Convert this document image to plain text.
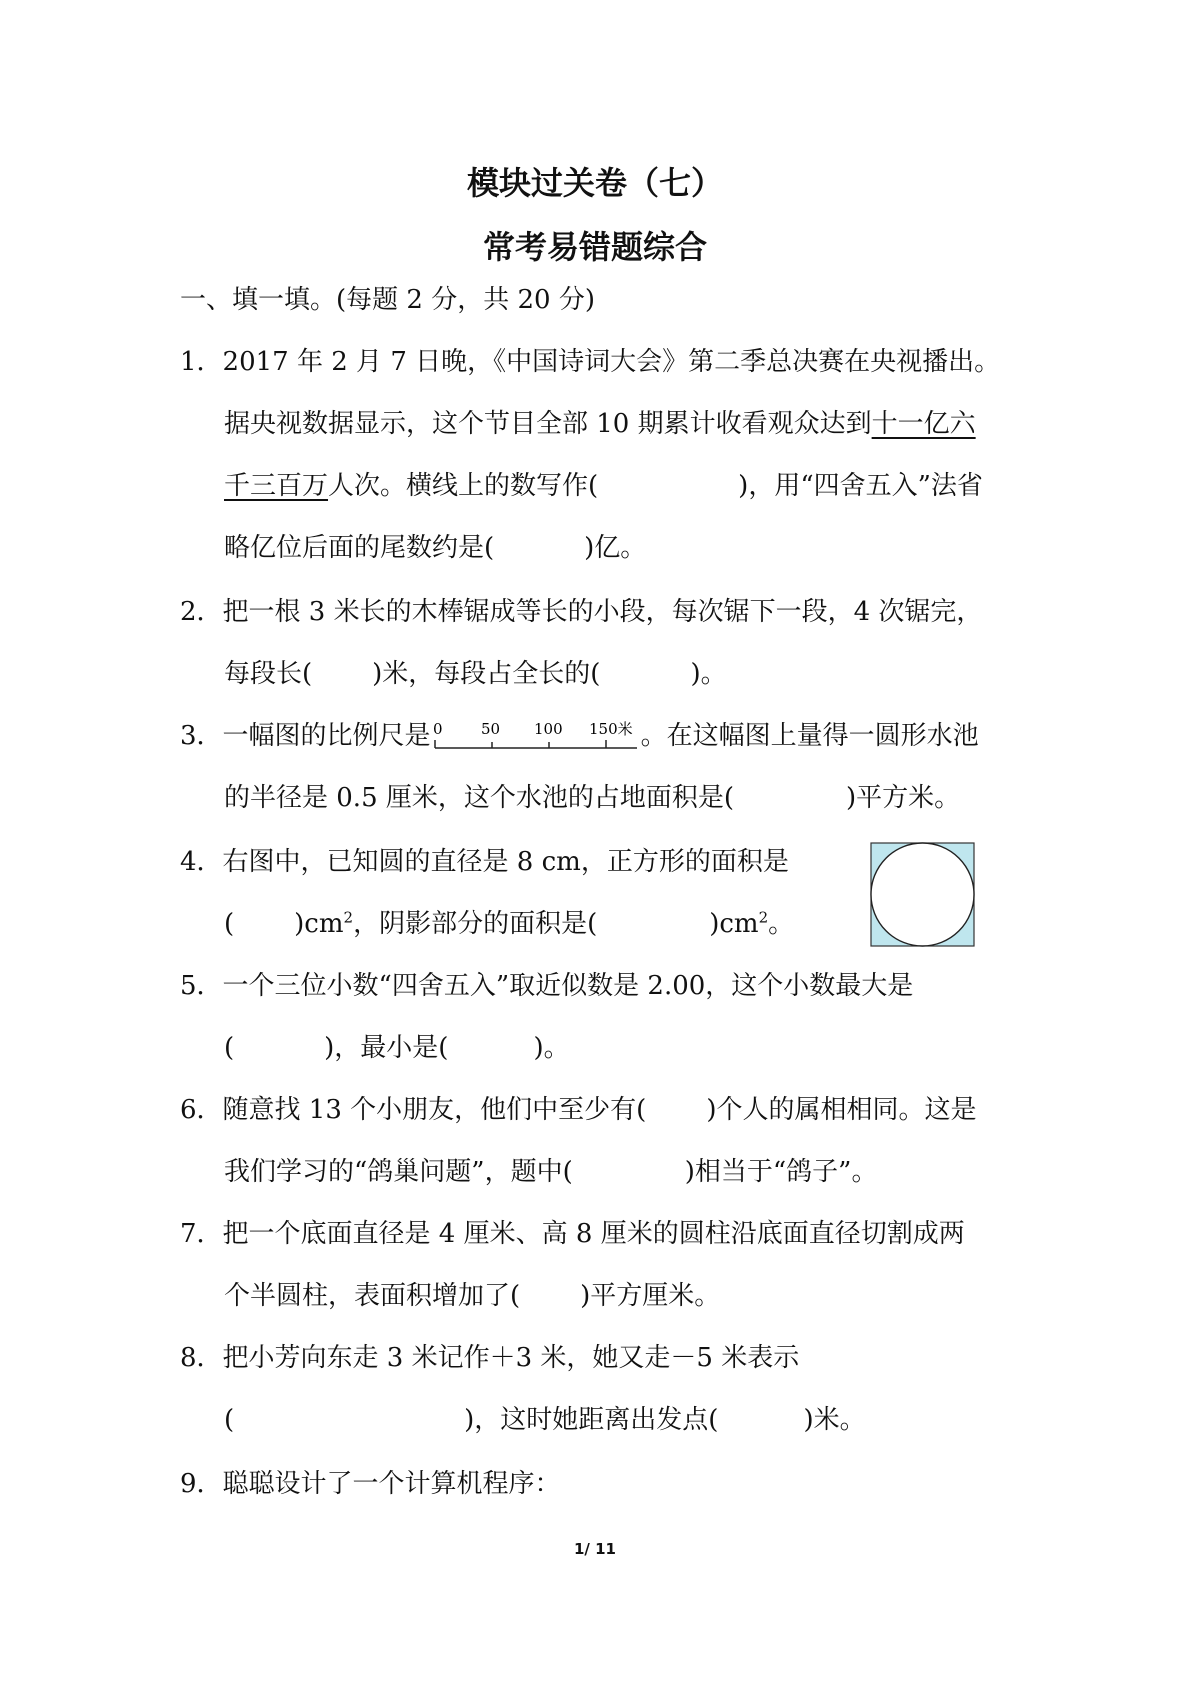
模块过关卷（七）
常考易错题综合
一、填一填。(每题 2 分，共 20 分)
1．2017 年 2 月 7 日晚，《中国诗词大会》第二季总决赛在央视播出。
据央视数据显示，这个节目全部 10 期累计收看观众达到十一亿六
千三百万人次。横线上的数写作(	)，用“四舍五入”法省
略亿位后面的尾数约是(	)亿。
2．把一根 3 米长的木棒锯成等长的小段，每次锯下一段，4 次锯完，
每段长( )米，每段占全长的(	)。
3．一幅图的比例尺是 0	50 100 150米 。在这幅图上量得一圆形水池
的半径是 0.5 厘米，这个水池的占地面积是(	)平方米。
4．右图中，已知圆的直径是 8 cm，正方形的面积是
( )$cm^2$，阴影部分的面积是(	)$cm^2$。
5．一个三位小数“四舍五入”取近似数是 2.00，这个小数最大是
(	)，最小是(	)。
6．随意找 13 个小朋友，他们中至少有( )个人的属相相同。这是
我们学习的“鸽巢问题”，题中(	)相当于“鸽子”。
7．把一个底面直径是 4 厘米、高 8 厘米的圆柱沿底面直径切割成两
个半圆柱，表面积增加了( )平方厘米。
8．把小芳向东走 3 米记作＋3 米，她又走－5 米表示
(	)，这时她距离出发点(	)米。
9．聪聪设计了一个计算机程序：
1/ 11
